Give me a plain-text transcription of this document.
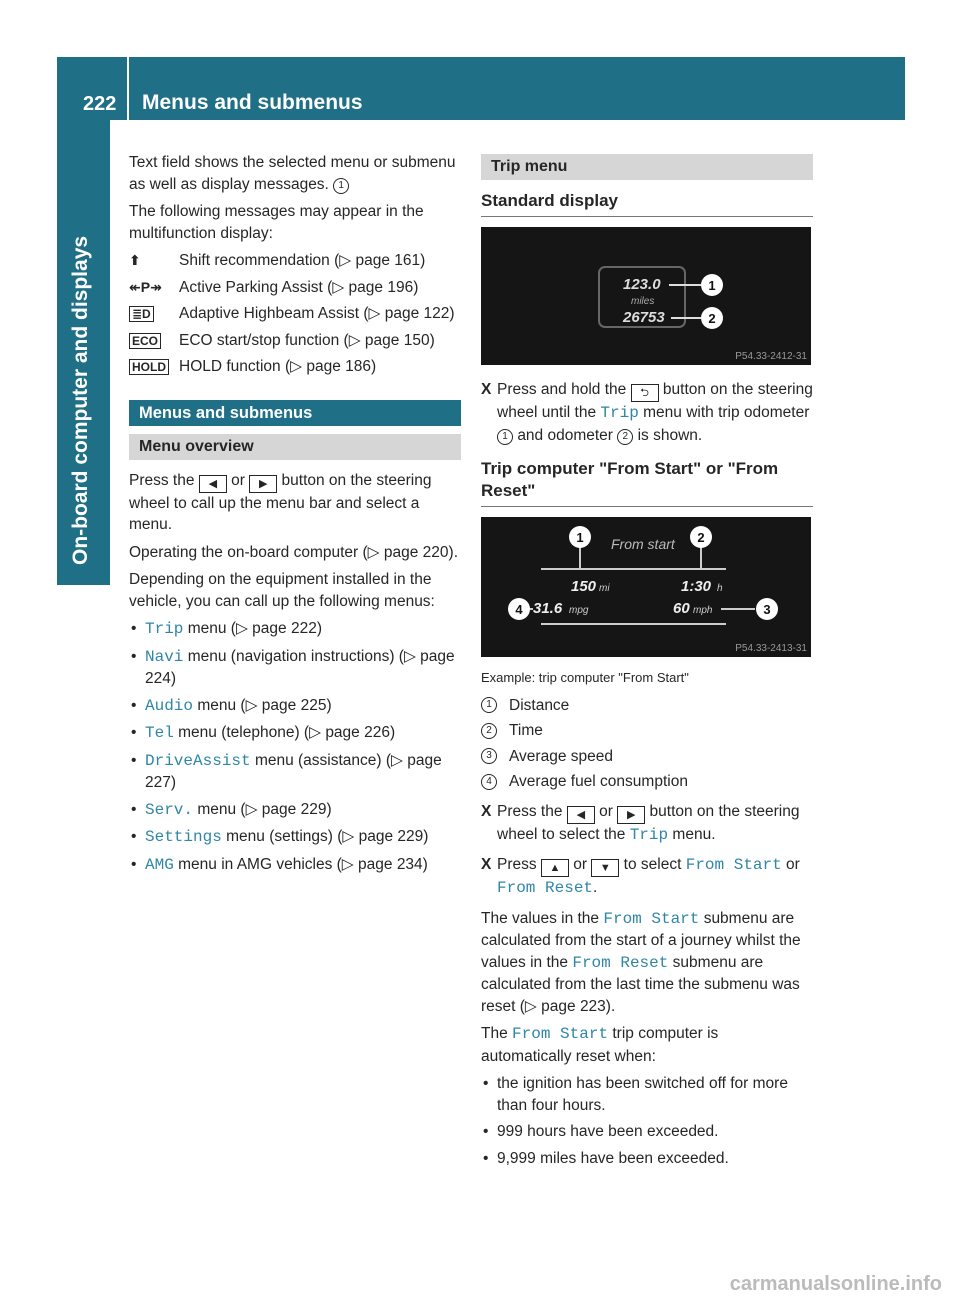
222 Menus and submenus
On-board computer and displays

Text field shows the selected menu or submenu as well as display messages. 1

The following messages may appear in the multifunction display:

⬆	Shift recommendation (▷ page 161)
↞P↠	Active Parking Assist (▷ page 196)
≣D	Adaptive Highbeam Assist (▷ page 122)
ECO	ECO start/stop function (▷ page 150)
HOLD HOLD function (▷ page 186)
Menus and submenus
Menu overview

Press the ◀ or ▶ button on the steering wheel to call up the menu bar and select a menu.

Operating the on-board computer (▷ page 220).

Depending on the equipment installed in the vehicle, you can call up the following menus:

• Trip menu (▷ page 222)
• Navi menu (navigation instructions) (▷ page 224)
• Audio menu (▷ page 225)
• Tel menu (telephone) (▷ page 226)
• DriveAssist menu (assistance) (▷ page 227)
• Serv. menu (▷ page 229)
• Settings menu (settings) (▷ page 229)
• AMG menu in AMG vehicles (▷ page 234)
Trip menu
Standard display
123.0
miles
26753
1
2
P54.33-2412-31
X Press and hold the ⮌ button on the steering wheel until the Trip menu with trip odometer 1 and odometer 2 is shown.
Trip computer "From Start" or "From Reset"
From start
150 mi	1:30 h
31.6 mpg	60 mph
1	2
3
4
P54.33-2413-31
Example: trip computer "From Start"
1	Distance
2	Time
3	Average speed
4	Average fuel consumption
X Press the ◀ or ▶ button on the steering wheel to select the Trip menu.
X Press ▲ or ▼ to select From Start or From Reset.

The values in the From Start submenu are calculated from the start of a journey whilst the values in the From Reset submenu are calculated from the last time the submenu was reset (▷ page 223).

The From Start trip computer is automatically reset when:

• the ignition has been switched off for more than four hours.
• 999 hours have been exceeded.
• 9,999 miles have been exceeded.
carmanualsonline.info
